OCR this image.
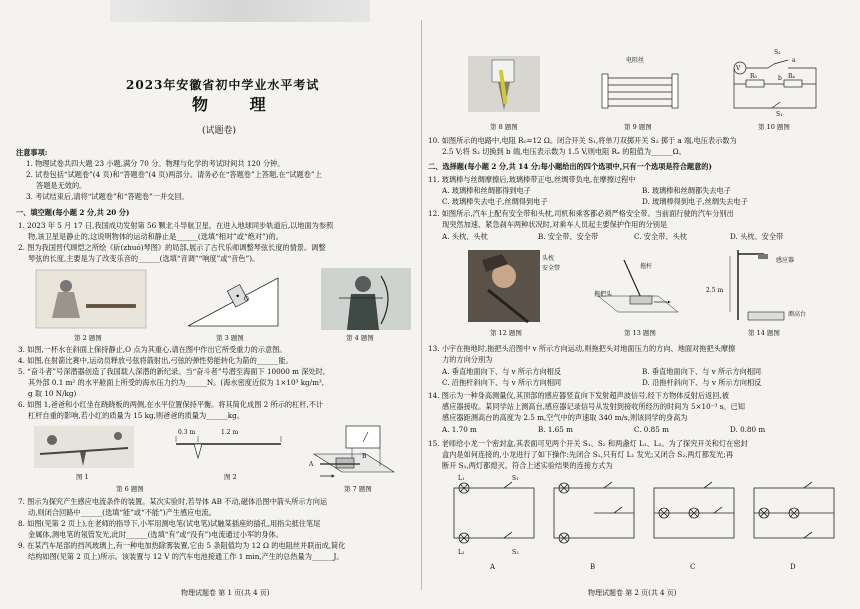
2023年安徽省初中学业水平考试
物 理
(试题卷)
注意事项:
1. 物理试卷共四大题 23 小题,满分 70 分。物理与化学的考试时间共 120 分钟。
2. 试卷包括“试题卷”(4 页)和“答题卷”(4 页)两部分。请务必在“答题卷”上答题,在“试题卷”上
答题是无效的。
3. 考试结束后,请将“试题卷”和“答题卷”一并交回。
一、填空题(每小题 2 分,共 20 分)
1. 2023 年 5 月 17 日,我国成功发射第 56 颗北斗导航卫星。在进入地球同步轨道后,以地面为参照
物,该卫星是静止的,这说明物体的运动和静止是______(选填“相对”或“绝对”)的。
2. 图为我国晋代顾恺之所绘《斫(zhuó)琴图》的局部,展示了古代乐师调整琴弦长度的情景。调整
琴弦的长度,主要是为了改变乐音的______(选填“音调”“响度”或“音色”)。
第 2 题图
O
第 3 题图	第 4 题图
3. 如图,一杯水在斜面上保持静止,O 点为其重心,请在图中作出它所受重力的示意图。
4. 如图,在射箭比赛中,运动员释放弓弦将箭射出,弓弦的弹性势能转化为箭的______能。
5. “奋斗者”号深潜器创造了我国载人深潜的新纪录。当“奋斗者”号潜至海面下 10000 m 深处时,
其外部 0.1 m² 的水平舱面上所受的海水压力约为______N。(海水密度近似为 1×10³ kg/m³,
g 取 10 N/kg)
6. 如图 1,爸爸和小红坐在跷跷板的两侧,在水平位置保持平衡。将其简化成图 2 所示的杠杆,不计
杠杆自重的影响,若小红的质量为 15 kg,则爸爸的质量为______kg。
图 1
0.3 m	1.2 m
图 2
第 6 题图
A
B
第 7 题图
7. 图示为探究产生感应电流条件的装置。某次实验时,若导体 AB 不动,磁体沿图中箭头所示方向运
动,则闭合回路中______(选填“能”或“不能”)产生感应电流。
8. 如图(见第 2 页上),在老师的指导下,小军用测电笔(试电笔)试触某插座的插孔,用指尖抵住笔尾
金属体,测电笔的氖管发光,此时______(选填“有”或“没有”)电流通过小军的身体。
9. 在某汽车尾部的挡风玻璃上,有一种电加热除雾装置,它由 5 条阻值均为 12 Ω 的电阻丝并联而成,简化
结构如图(见第 2 页上)所示。该装置与 12 V 的汽车电池接通工作 1 min,产生的总热量为______J。
物理试题卷 第 1 页(共 4 页)
第 8 题图
电阻丝
第 9 题图
V
S₂
a
b
R₀	Rₓ
S₁
第 10 题图
10. 如图所示的电路中,电阻 R₀=12 Ω。闭合开关 S₁,将单刀双掷开关 S₂ 掷于 a 端,电压表示数为
2.5 V;将 S₂ 切换到 b 端,电压表示数为 1.5 V,则电阻 Rₓ 的阻值为______Ω。
二、选择题(每小题 2 分,共 14 分;每小题给出的四个选项中,只有一个选项是符合题意的)
11. 玻璃棒与丝绸摩擦后,玻璃棒带正电,丝绸带负电,在摩擦过程中
A. 玻璃棒和丝绸都得到电子	B. 玻璃棒和丝绸都失去电子
C. 玻璃棒失去电子,丝绸得到电子	D. 玻璃棒得到电子,丝绸失去电子
12. 如图所示,汽车上配有安全带和头枕,司机和乘客都必须严格安全带。当前面行驶的汽车分别出
现突然加速、紧急刹车两种状况时,对乘车人员起主要保护作用的分别是
A. 头枕、头枕	B. 安全带、安全带	C. 安全带、头枕	D. 头枕、安全带
头枕
安全带
第 12 题图
拖杆
拖把头
第 13 题图
感应器
2.5 m
测高台
第 14 题图
13. 小宇在拖地时,拖把头沿图中 v 所示方向运动,则拖把头对地面压力的方向、地面对拖把头摩擦
力的方向分别为
A. 垂直地面向下、与 v 所示方向相反	B. 垂直地面向下、与 v 所示方向相同
C. 沿拖杆斜向下、与 v 所示方向相同	D. 沿拖杆斜向下、与 v 所示方向相反
14. 图示为一种身高测量仪,其顶部的感应器竖直向下发射超声波信号,经下方物体反射后返回,被
感应器接收。某同学站上测高台,感应器记录信号从发射到接收所经历的时间为 5×10⁻³ s。已知
感应器距测高台的高度为 2.5 m,空气中的声速取 340 m/s,则该同学的身高为
A. 1.70 m	B. 1.65 m	C. 0.85 m	D. 0.80 m
15. 老师给小龙一个密封盒,其表面可见两个开关 S₁、S₂ 和两盏灯 L₁、L₂。为了探究开关和灯在密封
盒内是如何连接的,小龙进行了如下操作:先闭合 S₁,只有灯 L₁ 发光;又闭合 S₂,两灯都发光;再
断开 S₁,两灯都熄灭。符合上述实验结果的连接方式为
L₁
L₂
S₁
S₂
A	B	C	D
物理试题卷 第 2 页(共 4 页)
